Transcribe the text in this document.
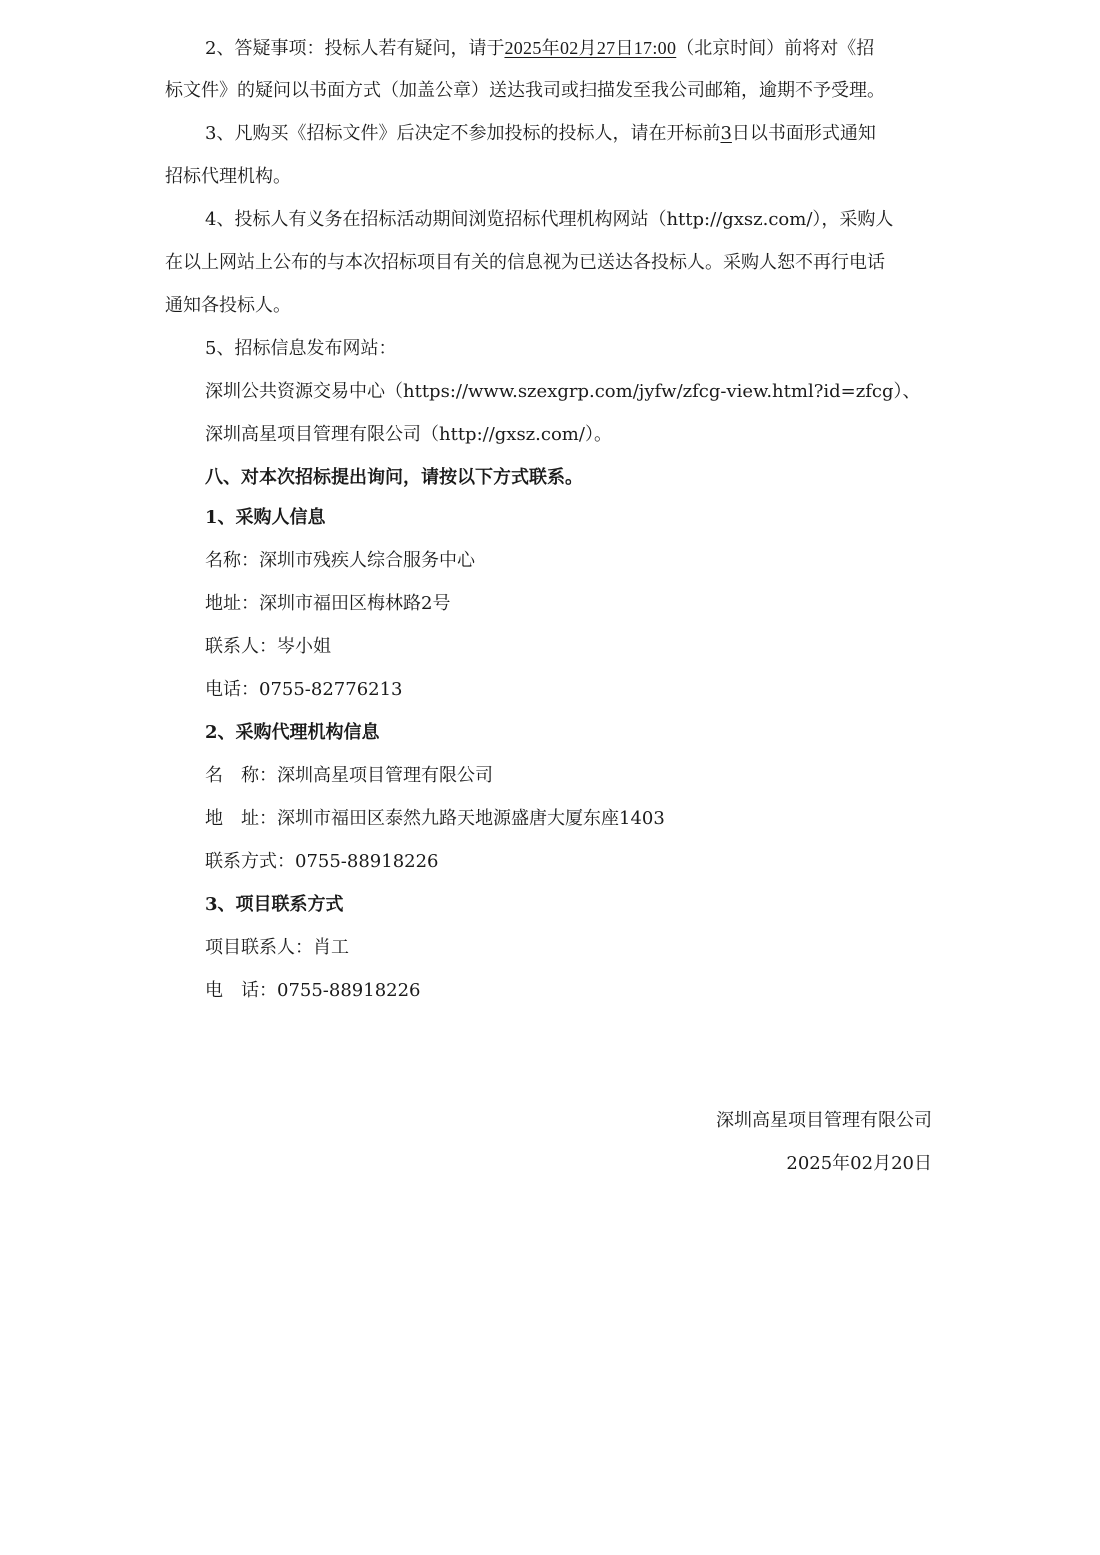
2、答疑事项：投标人若有疑问，请于2025年02月27日17:00（北京时间）前将对《招
标文件》的疑问以书面方式（加盖公章）送达我司或扫描发至我公司邮箱，逾期不予受理。
3、凡购买《招标文件》后决定不参加投标的投标人，请在开标前3日以书面形式通知
招标代理机构。
4、投标人有义务在招标活动期间浏览招标代理机构网站（http://gxsz.com/），采购人
在以上网站上公布的与本次招标项目有关的信息视为已送达各投标人。采购人恕不再行电话
通知各投标人。
5、招标信息发布网站：
深圳公共资源交易中心（https://www.szexgrp.com/jyfw/zfcg-view.html?id=zfcg）、
深圳高星项目管理有限公司（http://gxsz.com/）。
八、对本次招标提出询问，请按以下方式联系。
1、采购人信息
名称：深圳市残疾人综合服务中心
地址：深圳市福田区梅林路2号
联系人：岑小姐
电话：0755-82776213
2、采购代理机构信息
名　称：深圳高星项目管理有限公司
地　址：深圳市福田区泰然九路天地源盛唐大厦东座1403
联系方式：0755-88918226
3、项目联系方式
项目联系人：肖工
电　话：0755-88918226
深圳高星项目管理有限公司
2025年02月20日
